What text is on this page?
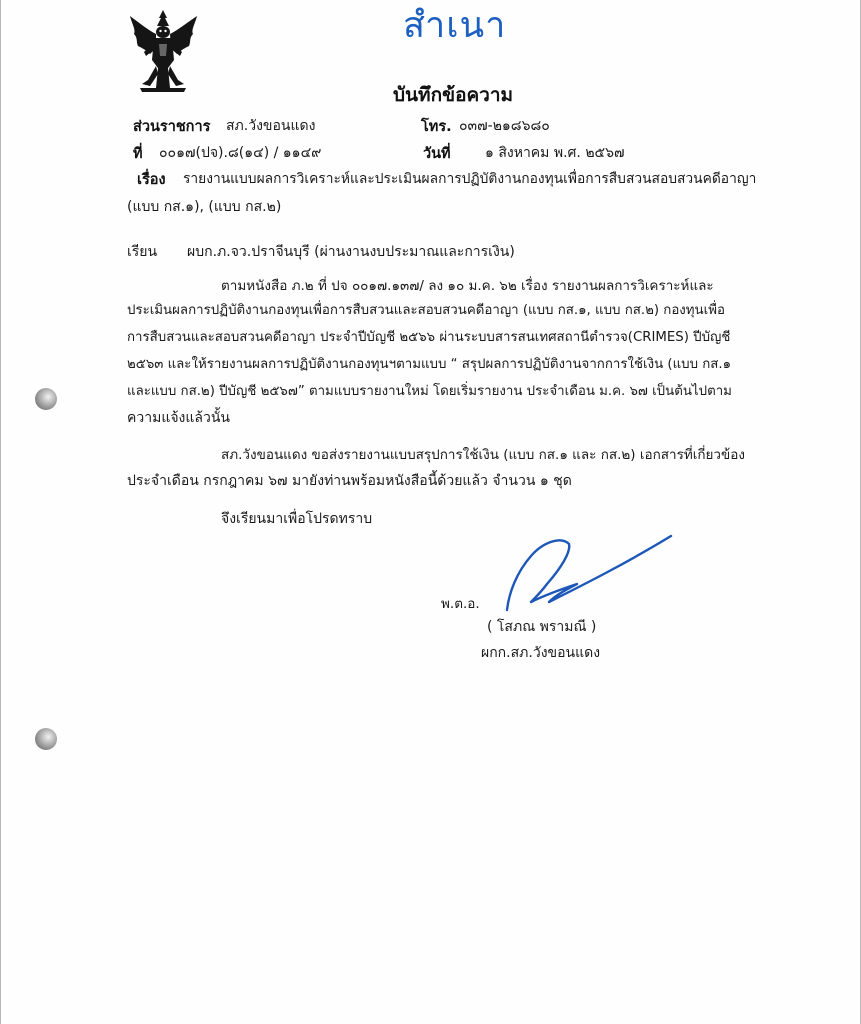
สำเนา
บันทึกข้อความ
ส่วนราชการ สภ.วังขอนแดง	โทร. ๐๓๗-๒๑๘๖๘๐
ที่ ๐๐๑๗(ปจ).๘(๑๔) / ๑๑๔๙	วันที่ ๑ สิงหาคม พ.ศ. ๒๕๖๗
เรื่อง รายงานแบบผลการวิเคราะห์และประเมินผลการปฏิบัติงานกองทุนเพื่อการสืบสวนสอบสวนคดีอาญา
(แบบ กส.๑), (แบบ กส.๒)
เรียน ผบก.ภ.จว.ปราจีนบุรี (ผ่านงานงบประมาณและการเงิน)
ตามหนังสือ ภ.๒ ที่ ปจ ๐๐๑๗.๑๓๗/ ลง ๑๐ ม.ค. ๖๒ เรื่อง รายงานผลการวิเคราะห์และ
ประเมินผลการปฏิบัติงานกองทุนเพื่อการสืบสวนและสอบสวนคดีอาญา (แบบ กส.๑, แบบ กส.๒) กองทุนเพื่อ
การสืบสวนและสอบสวนคดีอาญา ประจำปีบัญชี ๒๕๖๖ ผ่านระบบสารสนเทศสถานีตำรวจ(CRIMES) ปีบัญชี
๒๕๖๓ และให้รายงานผลการปฏิบัติงานกองทุนฯตามแบบ “ สรุปผลการปฏิบัติงานจากการใช้เงิน (แบบ กส.๑
และแบบ กส.๒) ปีบัญชี ๒๕๖๗” ตามแบบรายงานใหม่ โดยเริ่มรายงาน ประจำเดือน ม.ค. ๖๗ เป็นต้นไปตาม
ความแจ้งแล้วนั้น
สภ.วังขอนแดง ขอส่งรายงานแบบสรุปการใช้เงิน (แบบ กส.๑ และ กส.๒) เอกสารที่เกี่ยวข้อง
ประจำเดือน กรกฎาคม ๖๗ มายังท่านพร้อมหนังสือนี้ด้วยแล้ว จำนวน ๑ ชุด
จึงเรียนมาเพื่อโปรดทราบ
พ.ต.อ.
( โสภณ พรามณี )
ผกก.สภ.วังขอนแดง
